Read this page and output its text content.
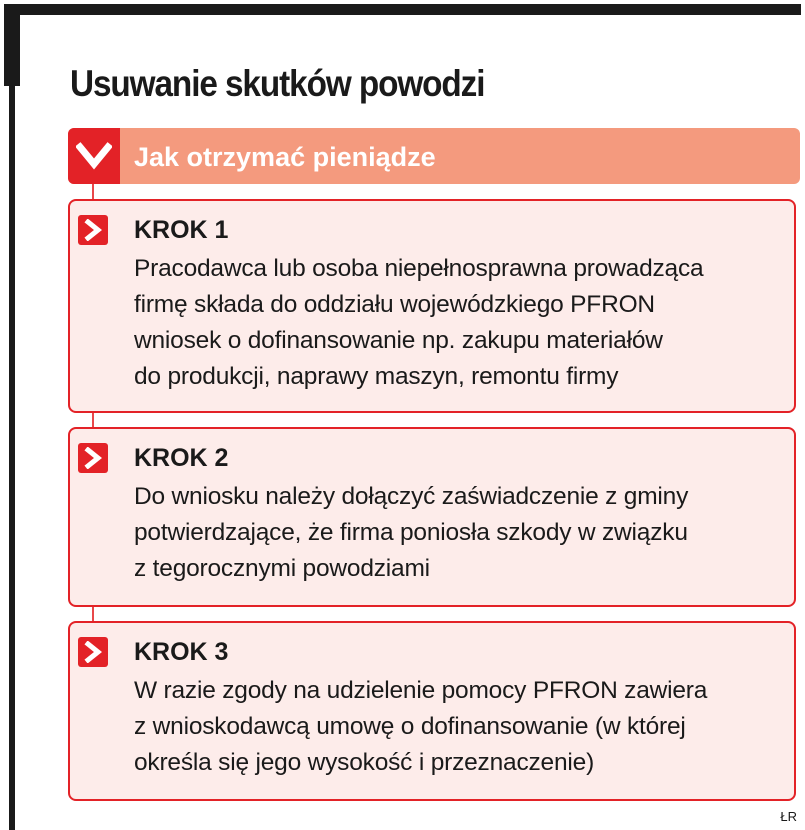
Usuwanie skutków powodzi
Jak otrzymać pieniądze
KROK 1

Pracodawca lub osoba niepełnosprawna prowadząca

firmę składa do oddziału wojewódzkiego PFRON

wniosek o dofinansowanie np. zakupu materiałów

do produkcji, naprawy maszyn, remontu firmy

KROK 2

Do wniosku należy dołączyć zaświadczenie z gminy

potwierdzające, że firma poniosła szkody w związku

z tegorocznymi powodziami

KROK 3

W razie zgody na udzielenie pomocy PFRON zawiera

z wnioskodawcą umowę o dofinansowanie (w której

określa się jego wysokość i przeznaczenie)

ŁR
